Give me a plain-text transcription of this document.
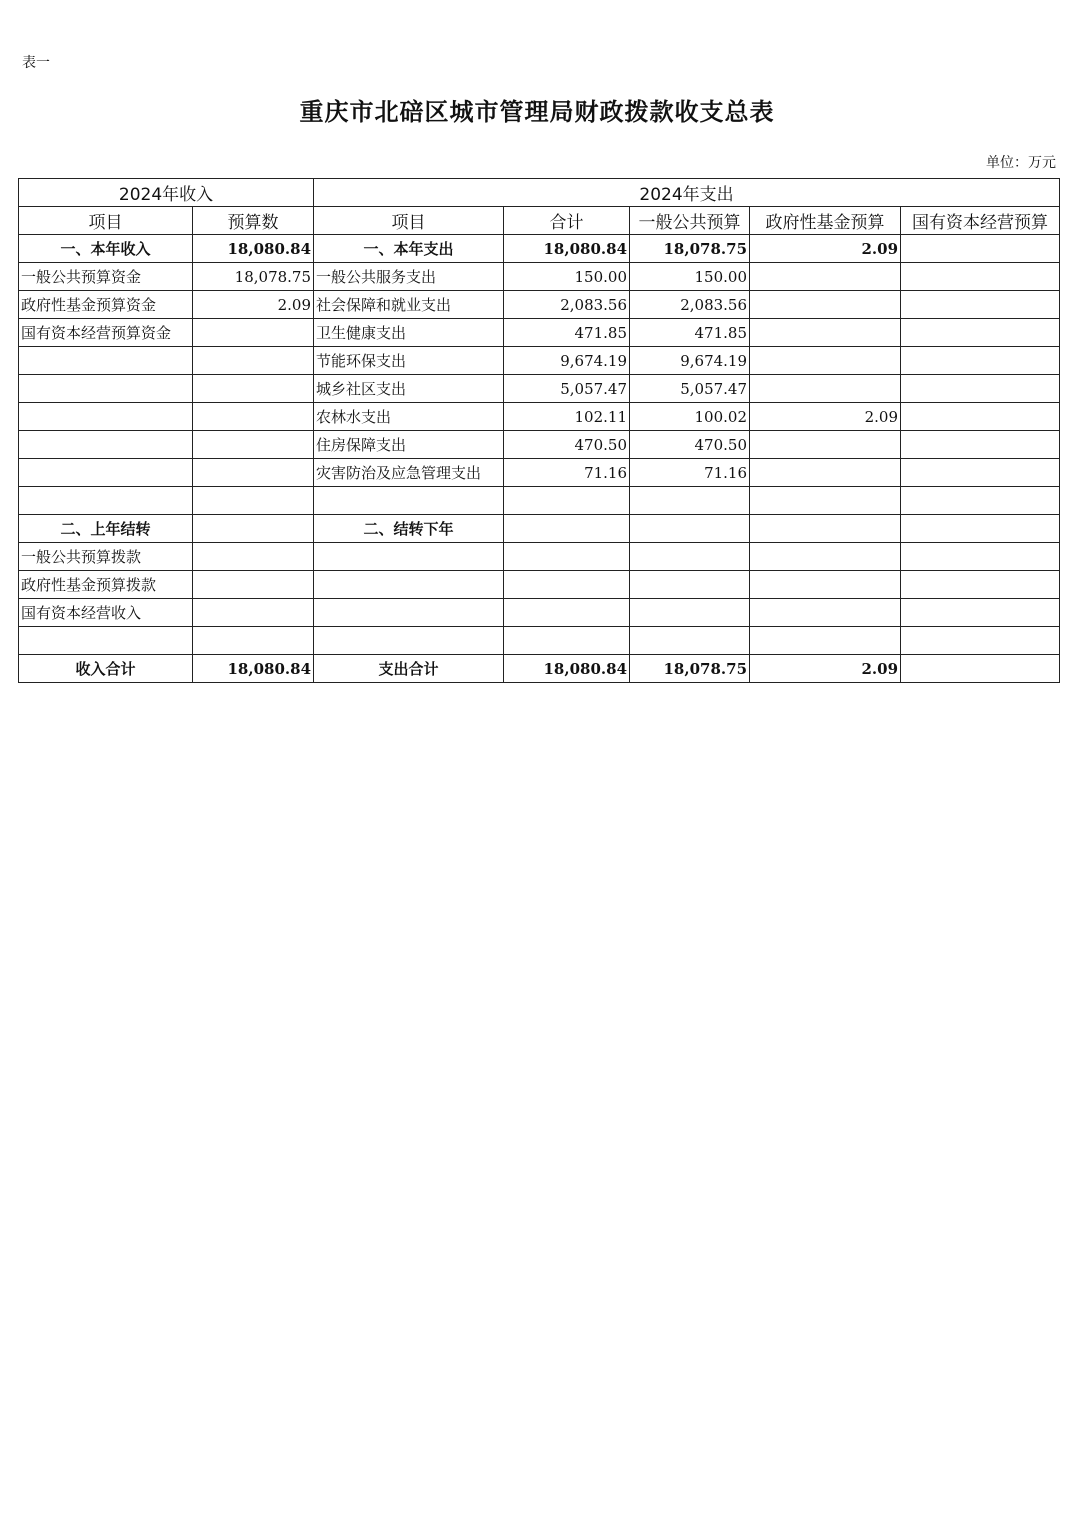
表一
重庆市北碚区城市管理局财政拨款收支总表
单位：万元
2024年收入		2024年支出				
项目	预算数	项目	合计	一般公共预算	政府性基金预算	国有资本经营预算
一、本年收入	18,080.84	一、本年支出	18,080.84	18,078.75	2.09	
一般公共预算资金	18,078.75	一般公共服务支出	150.00	150.00		
政府性基金预算资金	2.09	社会保障和就业支出	2,083.56	2,083.56		
国有资本经营预算资金		卫生健康支出	471.85	471.85		
		节能环保支出	9,674.19	9,674.19		
		城乡社区支出	5,057.47	5,057.47		
		农林水支出	102.11	100.02	2.09	
		住房保障支出	470.50	470.50		
		灾害防治及应急管理支出	71.16	71.16		

二、上年结转		二、结转下年				
一般公共预算拨款						
政府性基金预算拨款						
国有资本经营收入						

收入合计	18,080.84	支出合计	18,080.84	18,078.75	2.09	
